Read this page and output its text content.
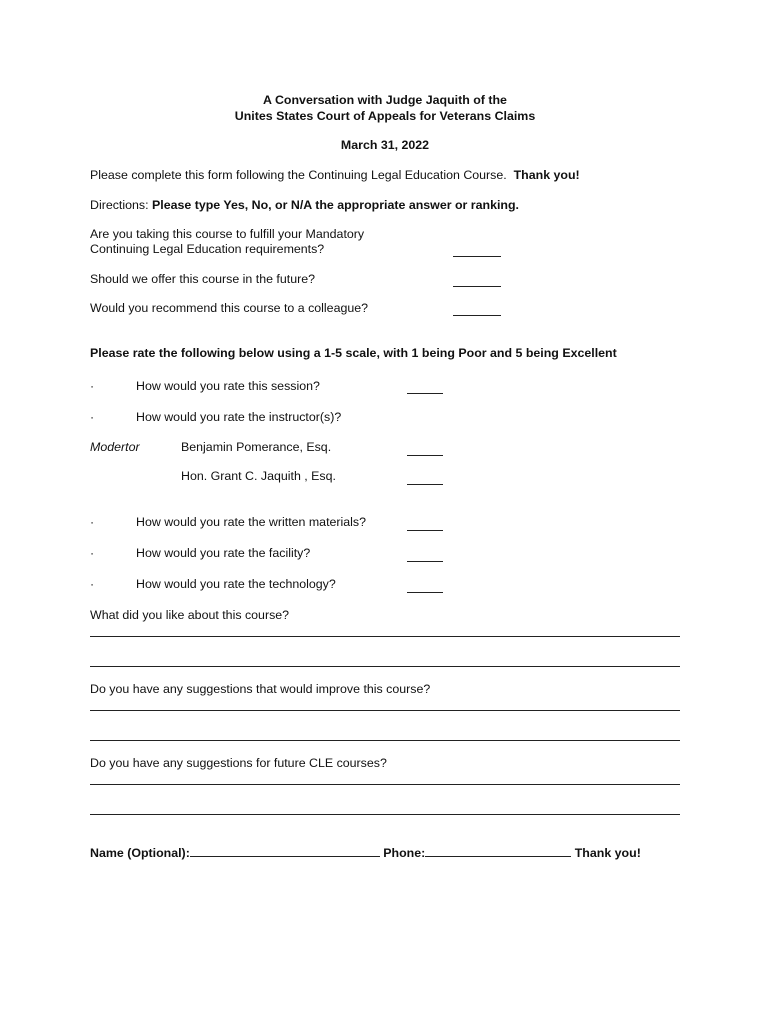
A Conversation with Judge Jaquith of the
Unites States Court of Appeals for Veterans Claims
March 31, 2022
Please complete this form following the Continuing Legal Education Course. Thank you!
Directions: Please type Yes, No, or N/A the appropriate answer or ranking.
Are you taking this course to fulfill your Mandatory
Continuing Legal Education requirements?
Should we offer this course in the future?
Would you recommend this course to a colleague?
Please rate the following below using a 1-5 scale, with 1 being Poor and 5 being Excellent
·	How would you rate this session?
·	How would you rate the instructor(s)?
Modertor	Benjamin Pomerance, Esq.
Hon. Grant C. Jaquith , Esq.
·	How would you rate the written materials?
·	How would you rate the facility?
·	How would you rate the technology?
What did you like about this course?
Do you have any suggestions that would improve this course?
Do you have any suggestions for future CLE courses?
Name (Optional):	Phone:	Thank you!
